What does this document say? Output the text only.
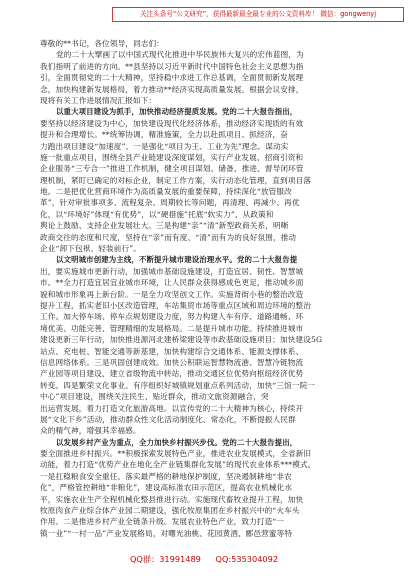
关注头条号“公文研究”，获得最新最全最专业的公文资料库！ 微信：gongwenyj
尊敬的**书记，各位领导，同志们：
党的二十大擘画了以中国式现代化推进中华民族伟大复兴的宏伟蓝图，为
我们指明了前进的方向。**县坚持以习近平新时代中国特色社会主义思想为指
引，全面贯彻党的二十大精神，坚持稳中求进工作总基调，全面贯彻新发展理
念，加快构建新发展格局，着力推动**经济实现高质量发展。根据会议安排，
现将有关工作进展情况汇报如下：
以重大项目建设为抓手，加快推动经济提质发展。党的二十大报告指出，
要坚持以经济建设为中心，加快建设现代化经济体系，推动经济实现质的有效
提升和合理增长。**统筹协调，精准施策，全力以赴抓项目、抓经济，奋
力跑出项目建设“加速度”。一是强化“项目为王、工业为先”理念。谋动实
施一批重点项目，围绕全县产业链建设深度谋划，实行产业发展、招商引资和
企业服务“三专合一”推进工作机制，健全项目谋划、储备、推进、督导闭环管
理机制，紧盯已确定的对标企业，制定工作方案，实行动态化管理，直到项目落
地。二是把优化营商环境作为高质量发展的重要保障，持续深化“放管服改
革”，针对审批事项多、流程复杂、周期较长等问题，再清理、再减少、再优
化，以“环境好”体现“有优势”，以“硬措施”托底“软实力”，从政策和
舆论上鼓励、支持企业发展壮大。三是构建“亲”“清”新型政商关系，明晰
政商交往的态度和尺度，坚持在“亲”而有度、“清”而有为的良好氛围，推动
企业“卸下包袱、轻装前行”。
以文明城市创建为主线，不断提升城市建设治理水平。党的二十大报告提
出，要实施城市更新行动，加强城市基础设施建设，打造宜居、韧性、智慧城
市。**全力打造宜居宜业城市环境，让人民群众获得感成色更足，推动城乡面
貌和城市形象再上新台阶。一是全力攻坚创文工作。实施背街小巷的整治改造
提升工程，抓实老旧小区改造管理，车站集贸市场等重点区域和周边环境的整治
工作。加大停车场、停车点规划建设力度，努力构建人车有序、道路通畅、环
境优美、功能完善、管理精细的发展格局。二是提升城市功能。持续推进城市
建设更新三年行动，加快推进源河北建桥梁建设等市政基础设施项目；加快建设5G
站点、充电桩、智能交通等新基建，加快构建综合交通体系、能源支撑体系、
信息网络体系。三是巩固创建成效。加快公积联运智慧物流港、智慧冷链物流
产业园等项目建设，建立省级物流中转站，推动交通区位优势向枢纽经济优势
转变。四是繁荣文化事业。有序组织好城镇规划重点系列活动，加快“三馆一院一
中心”项目建设，围绕关注民生、贴近群众，推动文旅资源融合，突
出运营发展，着力打造文化旅游高地。以宣传党的二十大精神为核心，持续开
展“文化下乡”活动，推动群众性文化活动制度化、常态化，不断提振人民群
众的精气神，增强其幸福感。
以发展乡村产业为重点，全力加快乡村振兴步伐。党的二十大报告提出，
要全面推进乡村振兴。**积极探索发展特色产业，推进农业发展模式，全省新旧
动能，着力打造“优势产业在地化全产业链集群化发展”的现代农业体系***模式，
一是扛稳粮食安全重任。落实最严格的耕地保护制度，坚决遏制耕地“非农
化”，严格管控耕地“非粮化”，建设高标准农田示范区，提高农业机械化水
平，实施农业生产全程机械化整县推进行动。实施现代畜牧业提升工程，加快
牧原肉食产业综合体产业园二期建设，强化牧原集团在乡村振兴中的“火车头
作用。二是推进乡村产业全链条升级。发展农业特色产业，致力打造“一
镇一业”“一村一品”产业发展格局，对曙光油桃、花园黄酒、郾邑营蜜等特
QQ群：31991489 QQ:535304092
